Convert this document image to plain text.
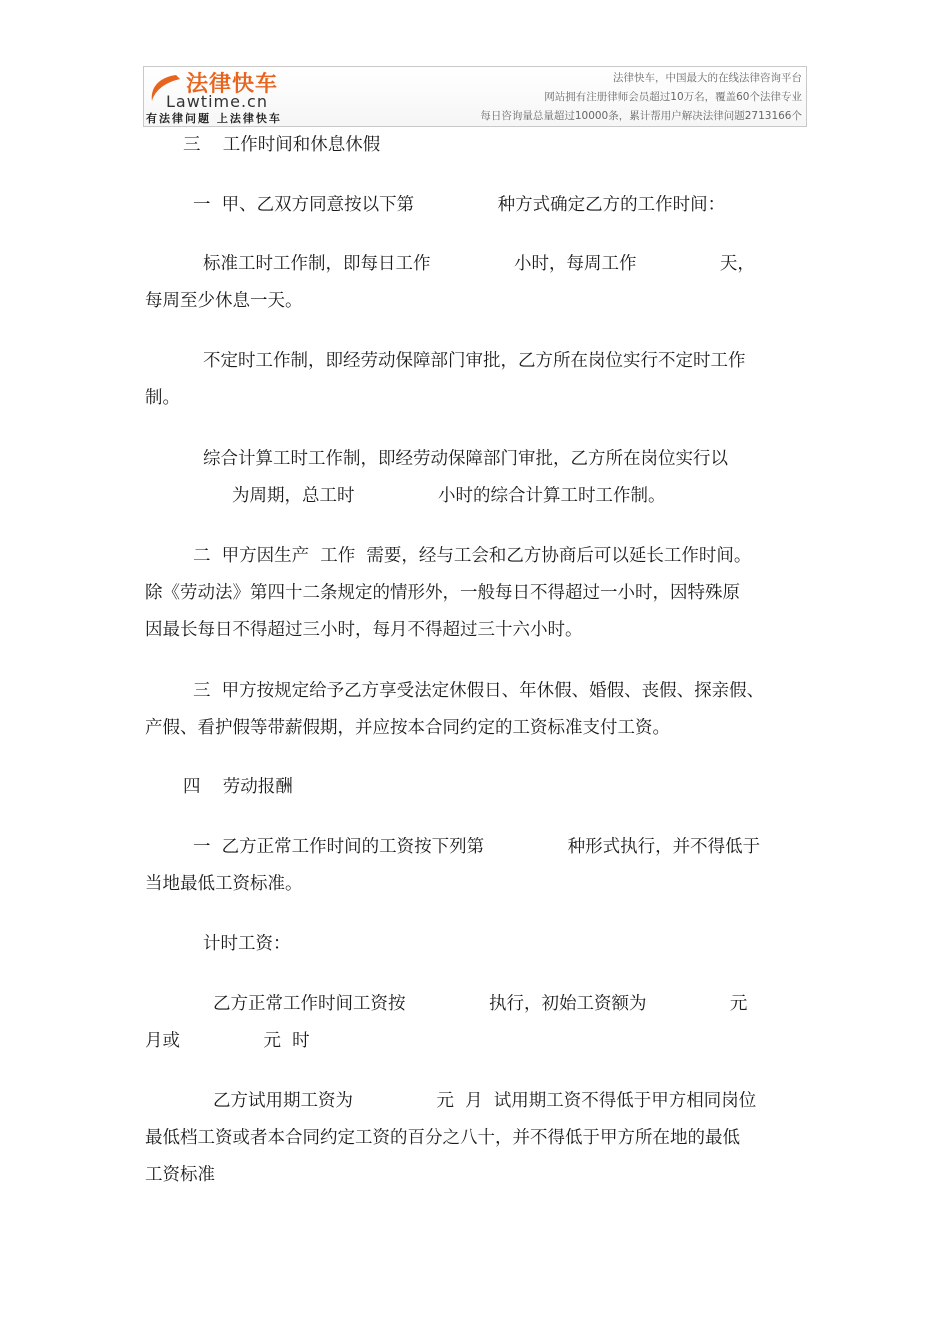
法律快车
Lawtime.cn
有法律问题 上法律快车
法律快车，中国最大的在线法律咨询平台
网站拥有注册律师会员超过10万名，覆盖60个法律专业
每日咨询量总量超过10000条，累计帮用户解决法律问题2713166个
三    工作时间和休息休假
一  甲、乙双方同意按以下第               种方式确定乙方的工作时间：
标准工时工作制，即每日工作               小时，每周工作               天，
每周至少休息一天。
不定时工作制，即经劳动保障部门审批，乙方所在岗位实行不定时工作
制。
综合计算工时工作制，即经劳动保障部门审批，乙方所在岗位实行以
为周期，总工时               小时的综合计算工时工作制。
二  甲方因生产  工作  需要，经与工会和乙方协商后可以延长工作时间。
除《劳动法》第四十二条规定的情形外，一般每日不得超过一小时，因特殊原
因最长每日不得超过三小时，每月不得超过三十六小时。
三  甲方按规定给予乙方享受法定休假日、年休假、婚假、丧假、探亲假、
产假、看护假等带薪假期，并应按本合同约定的工资标准支付工资。
四    劳动报酬
一  乙方正常工作时间的工资按下列第               种形式执行，并不得低于
当地最低工资标准。
计时工资：
乙方正常工作时间工资按               执行，初始工资额为               元
月或               元  时
乙方试用期工资为               元  月  试用期工资不得低于甲方相同岗位
最低档工资或者本合同约定工资的百分之八十，并不得低于甲方所在地的最低
工资标准
